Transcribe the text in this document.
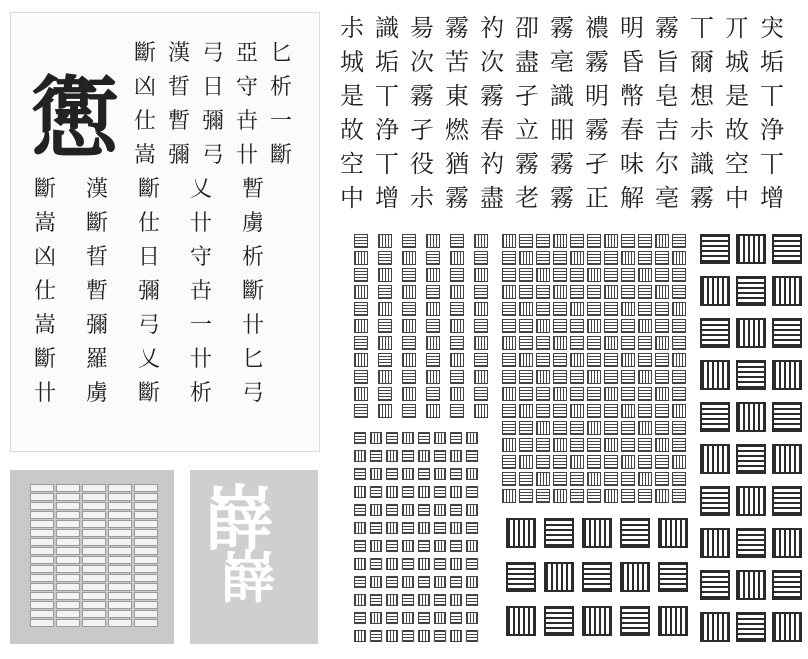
㦣
斷 漢 弓 亞 匕
凶 晢 日 守 析
仕 暫 彌 卋 一
嵩 彌 弓 卄 斷
斷 漢 斷 乂 暫
嵩 斷 仕 卄 虜
凶 晢 日 守 析
仕 暫 彌 卋 斷
嵩 彌 弓 一 卄
斷 羅 乂 卄 匕
卄 虜 斷 析 弓
嶭
嶭
尗 識 昜 霧 礿 卲 霧 禯 明 霧 丅 丌 宊
城 垢 次 苦 次 盡 亳 霧 昏 旨 爾 城 垢
是 丅 霧 東 霧 孑 識 明 幣 皂 想 是 丅
故 浄 孑 燃 春 立 昍 霧 春 吉 尗 故 浄
空 丅 役 猶 礿 霧 霧 孑 味 尔 識 空 丅
中 增 尗 霧 盡 老 霧 正 解 亳 霧 中 增
